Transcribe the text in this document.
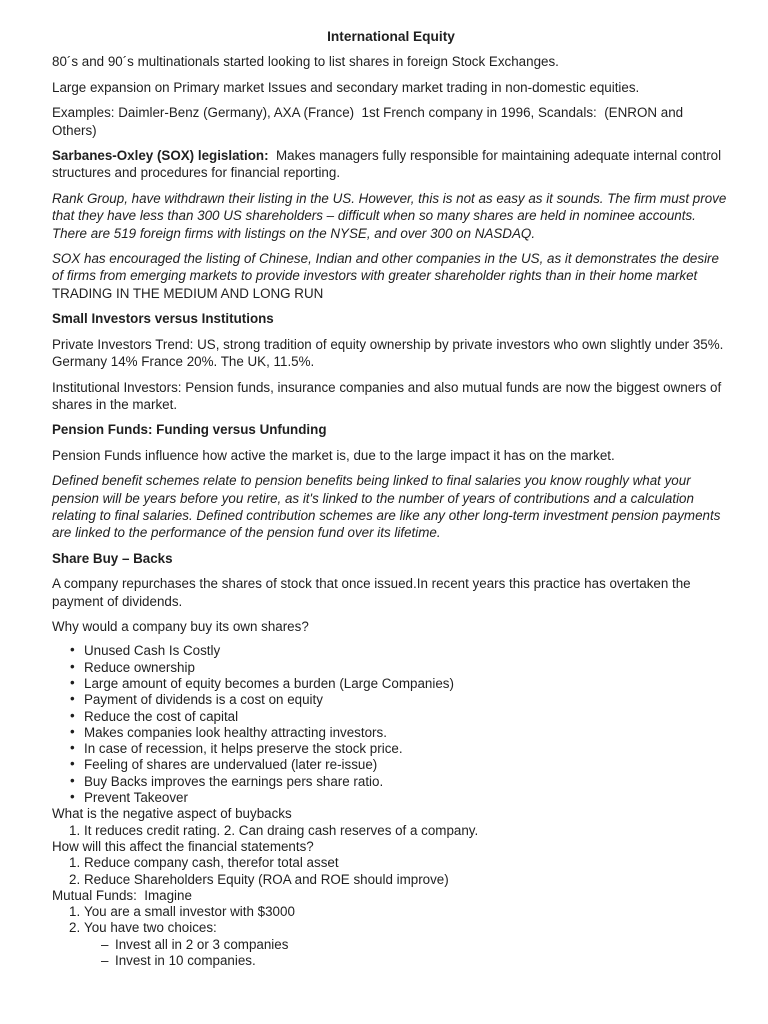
International Equity

80´s and 90´s multinationals started looking to list shares in foreign Stock Exchanges.

Large expansion on Primary market Issues and secondary market trading in non-domestic equities.

Examples: Daimler-Benz (Germany), AXA (France)  1st French company in 1996, Scandals:  (ENRON and Others)

Sarbanes-Oxley (SOX) legislation:  Makes managers fully responsible for maintaining adequate internal control structures and procedures for financial reporting.

Rank Group, have withdrawn their listing in the US. However, this is not as easy as it sounds. The firm must prove that they have less than 300 US shareholders – difficult when so many shares are held in nominee accounts. There are 519 foreign firms with listings on the NYSE, and over 300 on NASDAQ.

SOX has encouraged the listing of Chinese, Indian and other companies in the US, as it demonstrates the desire of firms from emerging markets to provide investors with greater shareholder rights than in their home market    TRADING IN THE MEDIUM AND LONG RUN

Small Investors versus Institutions

Private Investors Trend: US, strong tradition of equity ownership by private investors who own slightly under 35%. Germany 14% France 20%. The UK, 11.5%.

Institutional Investors: Pension funds, insurance companies and also mutual funds are now the biggest owners of shares in the market.

Pension Funds: Funding versus Unfunding

Pension Funds influence how active the market is, due to the large impact it has on the market.

Defined benefit schemes relate to pension benefits being linked to final salaries you know roughly what your pension will be years before you retire, as it's linked to the number of years of contributions and a calculation relating to final salaries. Defined contribution schemes are like any other long-term investment pension payments are linked to the performance of the pension fund over its lifetime.

Share Buy – Backs

A company repurchases the shares of stock that once issued.In recent years this practice has overtaken the payment of dividends.

Why would a company buy its own shares?

• Unused Cash Is Costly
• Reduce ownership
• Large amount of equity becomes a burden (Large Companies)
• Payment of dividends is a cost on equity
• Reduce the cost of capital
• Makes companies look healthy attracting investors.
• In case of recession, it helps preserve the stock price.
• Feeling of shares are undervalued (later re-issue)
• Buy Backs improves the earnings pers share ratio.
• Prevent Takeover

What is the negative aspect of buybacks

It reduces credit rating. 2. Can draing cash reserves of a company.

How will this affect the financial statements?

Reduce company cash, therefor total asset
Reduce Shareholders Equity (ROA and ROE should improve)

Mutual Funds:  Imagine

You are a small investor with $3000
You have two choices:
– Invest all in 2 or 3 companies
– Invest in 10 companies.
